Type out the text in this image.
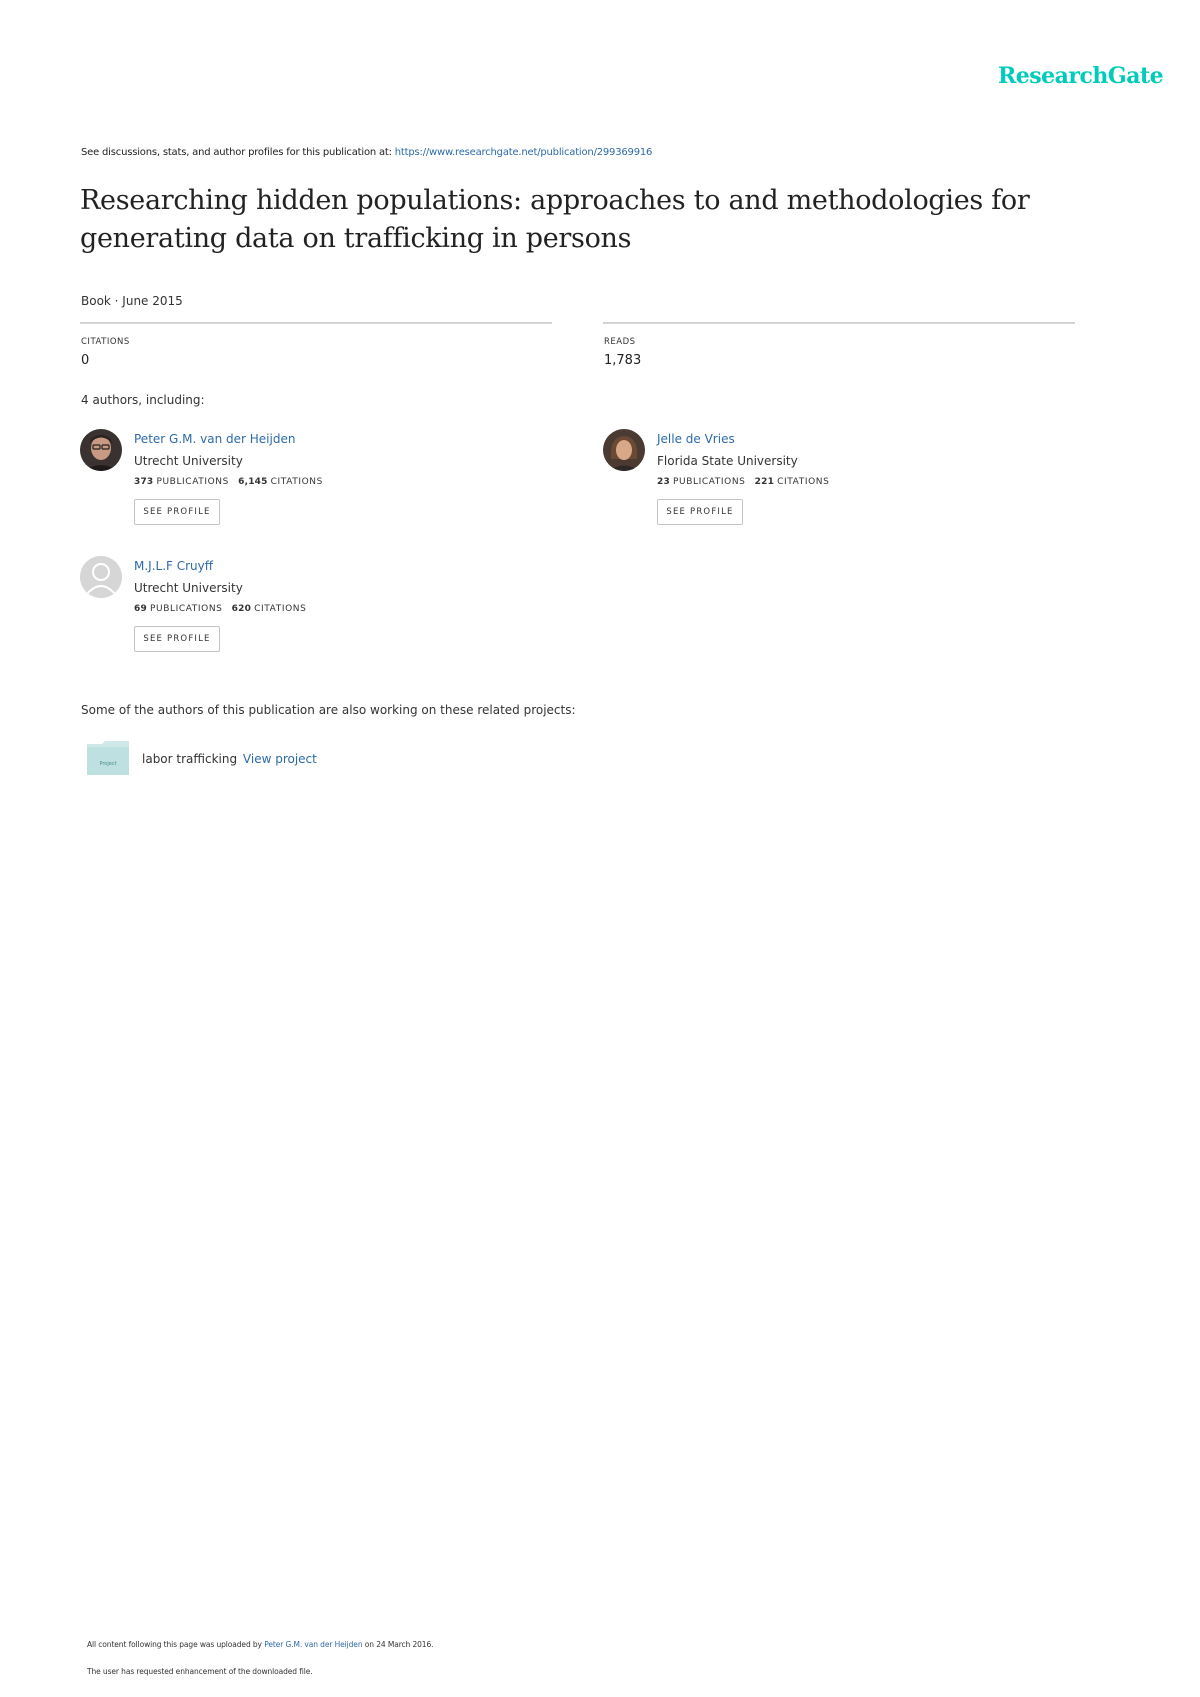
ResearchGate
See discussions, stats, and author profiles for this publication at: https://www.researchgate.net/publication/299369916
Researching hidden populations: approaches to and methodologies for generating data on trafficking in persons
Book · June 2015
CITATIONS
0
READS
1,783
4 authors, including:
Peter G.M. van der Heijden
Utrecht University
373 PUBLICATIONS 6,145 CITATIONS
SEE PROFILE
Jelle de Vries
Florida State University
23 PUBLICATIONS 221 CITATIONS
SEE PROFILE
M.J.L.F Cruyff
Utrecht University
69 PUBLICATIONS 620 CITATIONS
SEE PROFILE
Some of the authors of this publication are also working on these related projects:
Project labor trafficking View project
All content following this page was uploaded by Peter G.M. van der Heijden on 24 March 2016.
The user has requested enhancement of the downloaded file.
